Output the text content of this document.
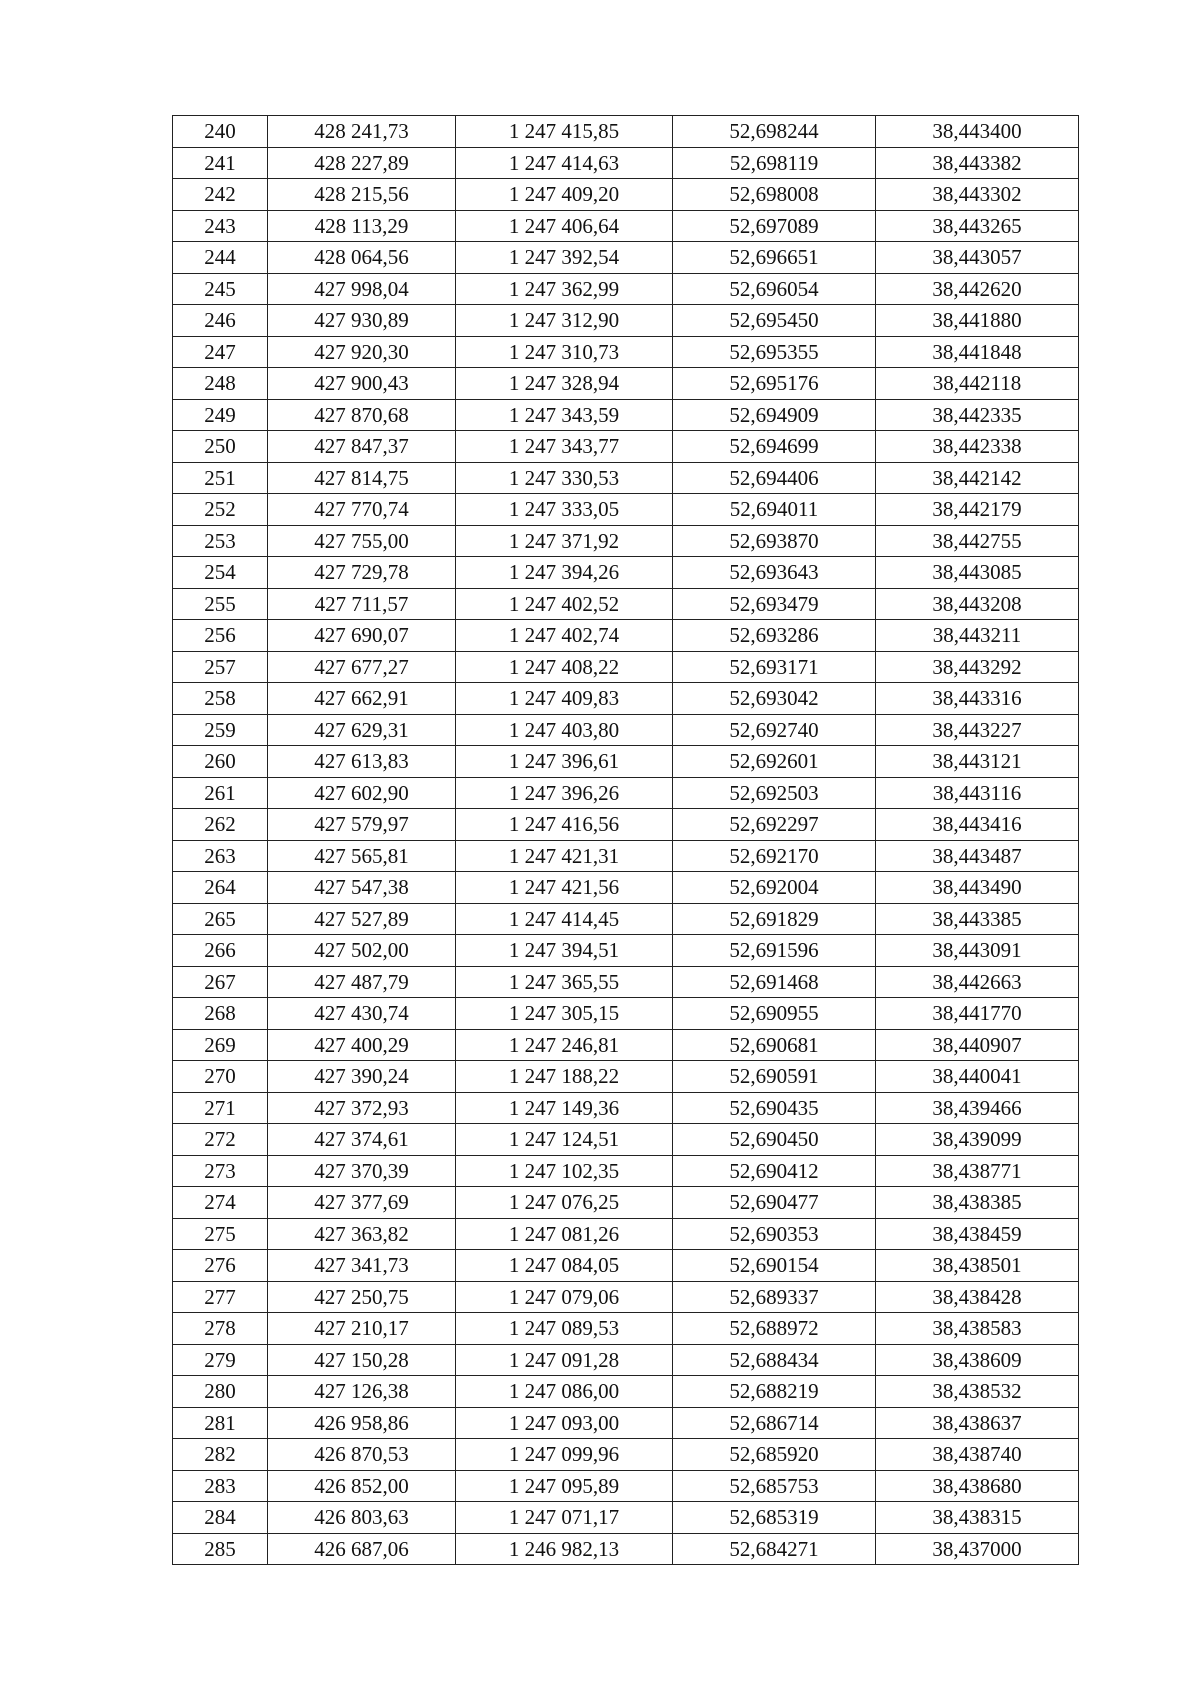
240	428 241,73	1 247 415,85	52,698244	38,443400
241	428 227,89	1 247 414,63	52,698119	38,443382
242	428 215,56	1 247 409,20	52,698008	38,443302
243	428 113,29	1 247 406,64	52,697089	38,443265
244	428 064,56	1 247 392,54	52,696651	38,443057
245	427 998,04	1 247 362,99	52,696054	38,442620
246	427 930,89	1 247 312,90	52,695450	38,441880
247	427 920,30	1 247 310,73	52,695355	38,441848
248	427 900,43	1 247 328,94	52,695176	38,442118
249	427 870,68	1 247 343,59	52,694909	38,442335
250	427 847,37	1 247 343,77	52,694699	38,442338
251	427 814,75	1 247 330,53	52,694406	38,442142
252	427 770,74	1 247 333,05	52,694011	38,442179
253	427 755,00	1 247 371,92	52,693870	38,442755
254	427 729,78	1 247 394,26	52,693643	38,443085
255	427 711,57	1 247 402,52	52,693479	38,443208
256	427 690,07	1 247 402,74	52,693286	38,443211
257	427 677,27	1 247 408,22	52,693171	38,443292
258	427 662,91	1 247 409,83	52,693042	38,443316
259	427 629,31	1 247 403,80	52,692740	38,443227
260	427 613,83	1 247 396,61	52,692601	38,443121
261	427 602,90	1 247 396,26	52,692503	38,443116
262	427 579,97	1 247 416,56	52,692297	38,443416
263	427 565,81	1 247 421,31	52,692170	38,443487
264	427 547,38	1 247 421,56	52,692004	38,443490
265	427 527,89	1 247 414,45	52,691829	38,443385
266	427 502,00	1 247 394,51	52,691596	38,443091
267	427 487,79	1 247 365,55	52,691468	38,442663
268	427 430,74	1 247 305,15	52,690955	38,441770
269	427 400,29	1 247 246,81	52,690681	38,440907
270	427 390,24	1 247 188,22	52,690591	38,440041
271	427 372,93	1 247 149,36	52,690435	38,439466
272	427 374,61	1 247 124,51	52,690450	38,439099
273	427 370,39	1 247 102,35	52,690412	38,438771
274	427 377,69	1 247 076,25	52,690477	38,438385
275	427 363,82	1 247 081,26	52,690353	38,438459
276	427 341,73	1 247 084,05	52,690154	38,438501
277	427 250,75	1 247 079,06	52,689337	38,438428
278	427 210,17	1 247 089,53	52,688972	38,438583
279	427 150,28	1 247 091,28	52,688434	38,438609
280	427 126,38	1 247 086,00	52,688219	38,438532
281	426 958,86	1 247 093,00	52,686714	38,438637
282	426 870,53	1 247 099,96	52,685920	38,438740
283	426 852,00	1 247 095,89	52,685753	38,438680
284	426 803,63	1 247 071,17	52,685319	38,438315
285	426 687,06	1 246 982,13	52,684271	38,437000
